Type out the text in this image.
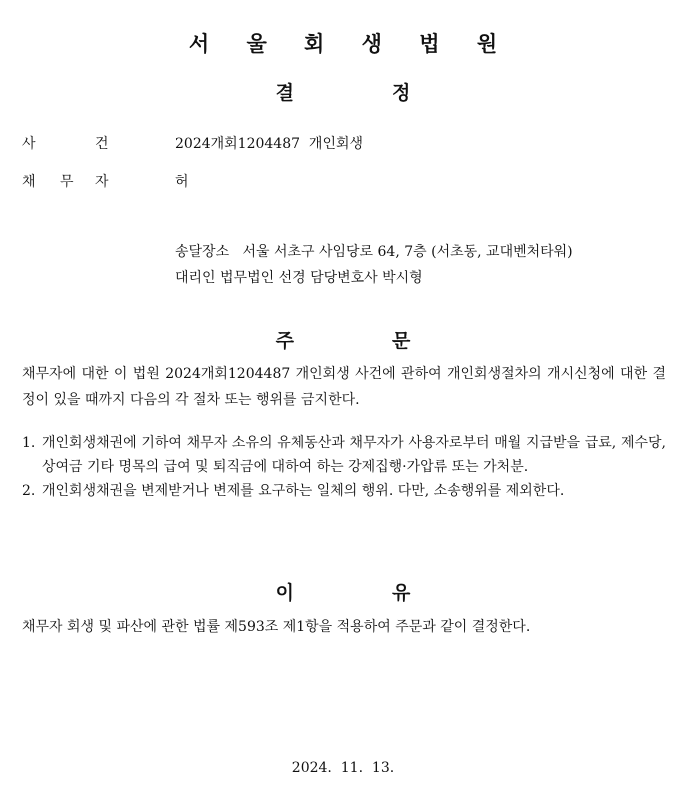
서 울 회 생 법 원
결	정
사	건	2024개회1204487  개인회생
채 무 자	허
송달장소   서울 서초구 사임당로 64, 7층 (서초동, 교대벤처타워)
대리인 법무법인 선경 담당변호사 박시형
주	문
채무자에 대한 이 법원 2024개회1204487 개인회생 사건에 관하여 개인회생절차의 개시신청에 대한 결정이 있을 때까지 다음의 각 절차 또는 행위를 금지한다.
1. 개인회생채권에 기하여 채무자 소유의 유체동산과 채무자가 사용자로부터 매월 지급받을 급료, 제수당, 상여금 기타 명목의 급여 및 퇴직금에 대하여 하는 강제집행·가압류 또는 가처분.
2. 개인회생채권을 변제받거나 변제를 요구하는 일체의 행위. 다만, 소송행위를 제외한다.
이	유
채무자 회생 및 파산에 관한 법률 제593조 제1항을 적용하여 주문과 같이 결정한다.
2024.  11.  13.
